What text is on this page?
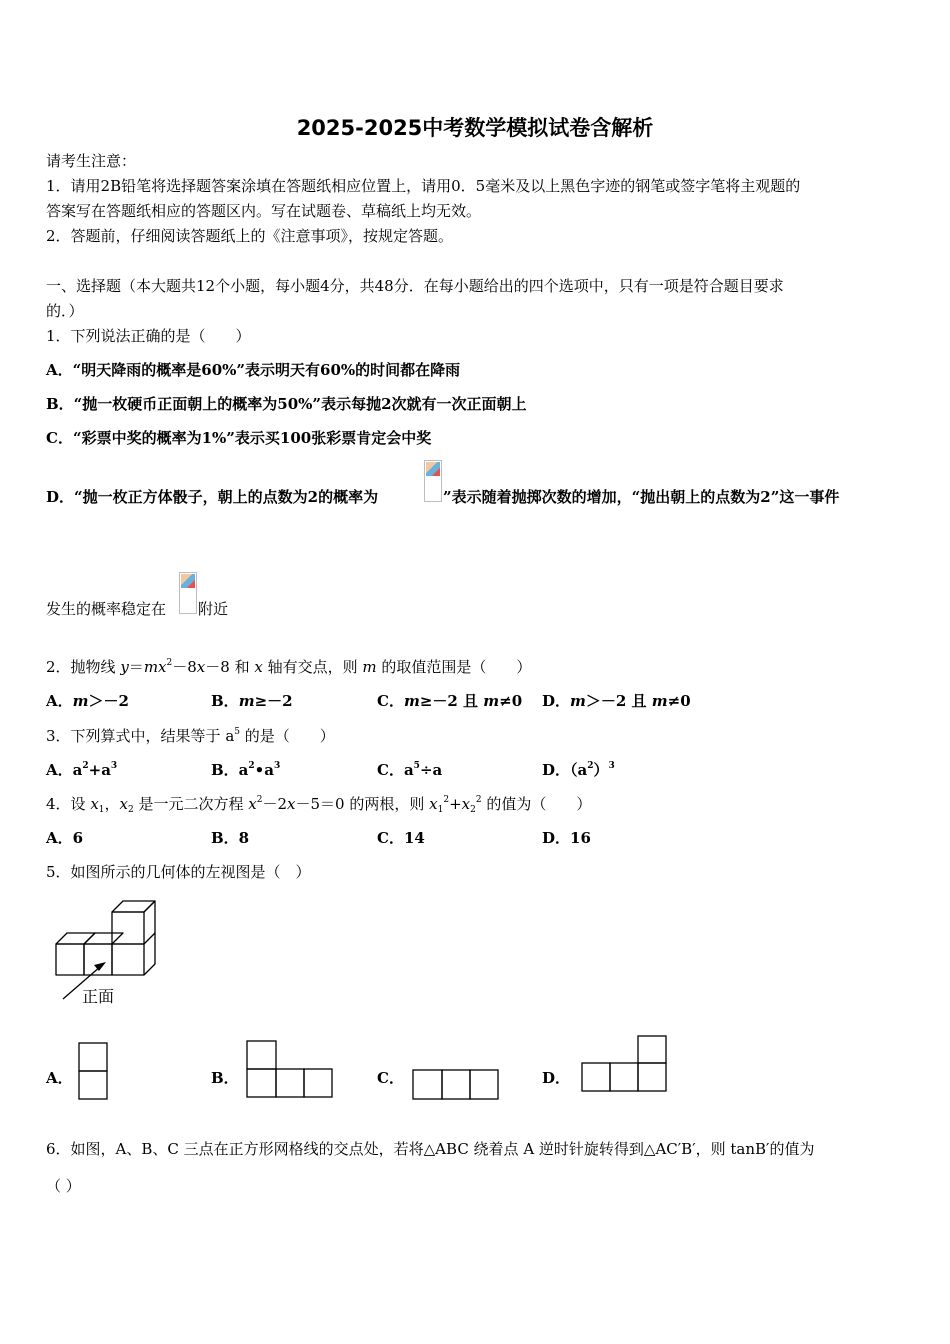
2025-2025中考数学模拟试卷含解析
请考生注意：
1．请用2B铅笔将选择题答案涂填在答题纸相应位置上，请用0．5毫米及以上黑色字迹的钢笔或签字笔将主观题的
答案写在答题纸相应的答题区内。写在试题卷、草稿纸上均无效。
2．答题前，仔细阅读答题纸上的《注意事项》，按规定答题。
一、选择题（本大题共12个小题，每小题4分，共48分．在每小题给出的四个选项中，只有一项是符合题目要求
的．）
1．下列说法正确的是（　　）
A．“明天降雨的概率是60%”表示明天有60%的时间都在降雨
B．“抛一枚硬币正面朝上的概率为50%”表示每抛2次就有一次正面朝上
C．“彩票中奖的概率为1%”表示买100张彩票肯定会中奖
D．“抛一枚正方体骰子，朝上的点数为2的概率为	”表示随着抛掷次数的增加，“抛出朝上的点数为2”这一事件
发生的概率稳定在 附近
2．抛物线 $y=mx^2-8x-8$ 和 x 轴有交点，则 m 的取值范围是（　　）
A．m＞－2	B．m≥－2	C．m≥－2 且 m≠0 D．m＞－2 且 m≠0
3．下列算式中，结果等于 $a^5$ 的是（　　）
A．$a^2+a^3$	B．$a^2•a^3$	C．$a^5\div a$	D．$(a^2)^3$
4．设 $x_1$，$x_2$ 是一元二次方程 $x^2-2x-5=0$ 的两根，则 $x_1^2+x_2^2$ 的值为（　　）
A．6	B．8	C．14	D．16
5．如图所示的几何体的左视图是（　）
正面
A．	B．	C．	D．
6．如图，A、B、C 三点在正方形网格线的交点处，若将△ABC 绕着点 A 逆时针旋转得到△AC′B′，则 tanB′的值为
（ ）
